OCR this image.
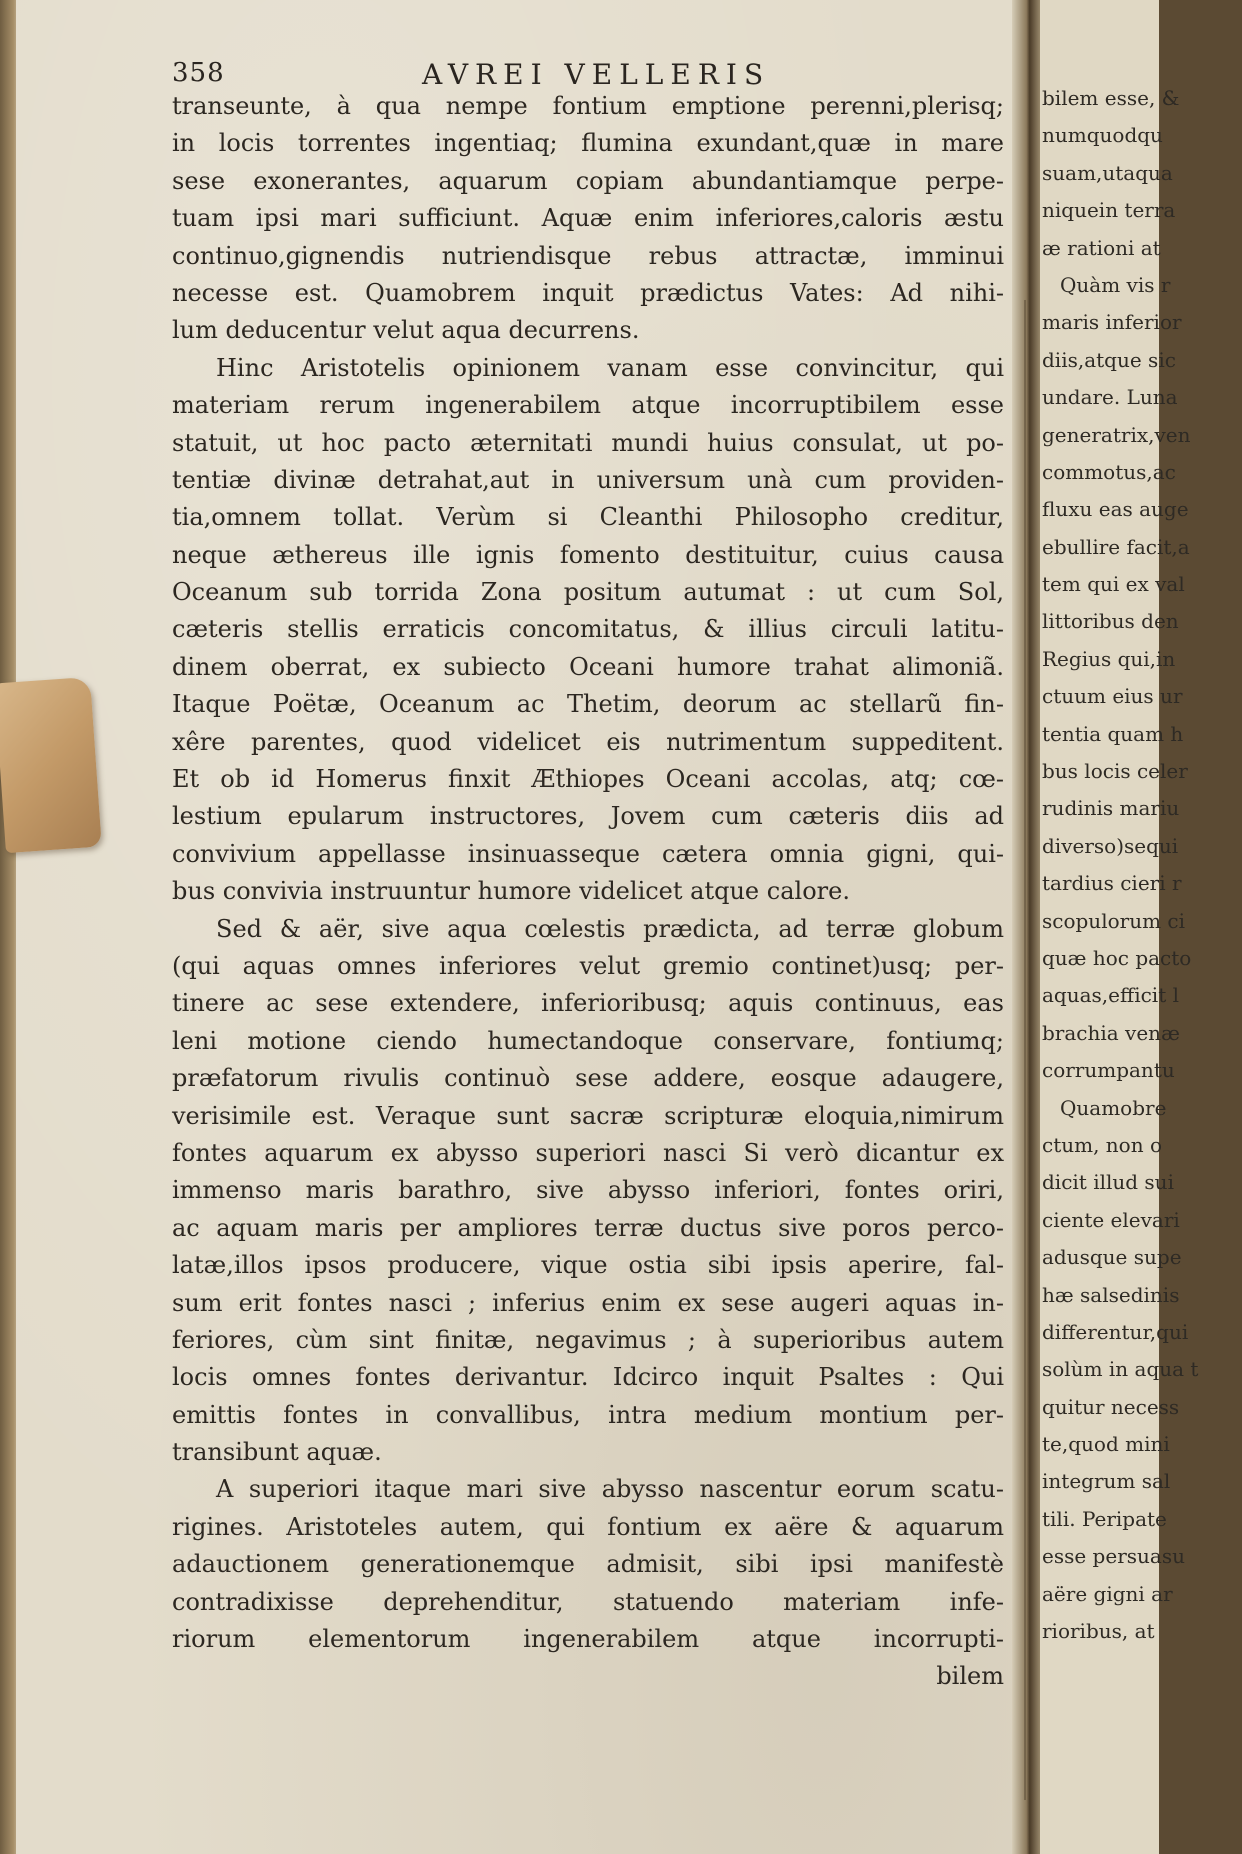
bilem esse, &
numquodqu
suam,utaqua
niquein terra
æ rationi at
Quàm vis r
maris inferior
diis,atque sic
undare. Luna
generatrix,ven
commotus,ac
fluxu eas auge
ebullire facit,a
tem qui ex val
littoribus den
Regius qui,in
ctuum eius ur
tentia quam h
bus locis celer
rudinis mariu
diverso)sequi
tardius cieri r
scopulorum ci
quæ hoc pacto
aquas,efficit l
brachia venæ
corrumpantu
Quamobre
ctum, non o
dicit illud sui
ciente elevari
adusque supe
hæ salsedinis
differentur,qui
solùm in aqua t
quitur necess
te,quod mini
integrum sal
tili. Peripate
esse persuasu
aëre gigni ar
rioribus, at
358	AVREI VELLERIS
transeunte, à qua nempe fontium emptione perenni,plerisq;
in locis torrentes ingentiaq; flumina exundant,quæ in mare
sese exonerantes, aquarum copiam abundantiamque perpe-
tuam ipsi mari sufficiunt. Aquæ enim inferiores,caloris æstu
continuo,gignendis nutriendisque rebus attractæ, imminui
necesse est. Quamobrem inquit prædictus Vates: Ad nihi-
lum deducentur velut aqua decurrens.
Hinc Aristotelis opinionem vanam esse convincitur, qui
materiam rerum ingenerabilem atque incorruptibilem esse
statuit, ut hoc pacto æternitati mundi huius consulat, ut po-
tentiæ divinæ detrahat,aut in universum unà cum providen-
tia,omnem tollat. Verùm si Cleanthi Philosopho creditur,
neque æthereus ille ignis fomento destituitur, cuius causa
Oceanum sub torrida Zona positum autumat : ut cum Sol,
cæteris stellis erraticis concomitatus, & illius circuli latitu-
dinem oberrat, ex subiecto Oceani humore trahat alimoniã.
Itaque Poëtæ, Oceanum ac Thetim, deorum ac stellarũ fin-
xêre parentes, quod videlicet eis nutrimentum suppeditent.
Et ob id Homerus finxit Æthiopes Oceani accolas, atq; cœ-
lestium epularum instructores, Jovem cum cæteris diis ad
convivium appellasse insinuasseque cætera omnia gigni, qui-
bus convivia instruuntur humore videlicet atque calore.
Sed & aër, sive aqua cœlestis prædicta, ad terræ globum
(qui aquas omnes inferiores velut gremio continet)usq; per-
tinere ac sese extendere, inferioribusq; aquis continuus, eas
leni motione ciendo humectandoque conservare, fontiumq;
præfatorum rivulis continuò sese addere, eosque adaugere,
verisimile est. Veraque sunt sacræ scripturæ eloquia,nimirum
fontes aquarum ex abysso superiori nasci Si verò dicantur ex
immenso maris barathro, sive abysso inferiori, fontes oriri,
ac aquam maris per ampliores terræ ductus sive poros perco-
latæ,illos ipsos producere, vique ostia sibi ipsis aperire, fal-
sum erit fontes nasci ; inferius enim ex sese augeri aquas in-
feriores, cùm sint finitæ, negavimus ; à superioribus autem
locis omnes fontes derivantur. Idcirco inquit Psaltes : Qui
emittis fontes in convallibus, intra medium montium per-
transibunt aquæ.
A superiori itaque mari sive abysso nascentur eorum scatu-
rigines. Aristoteles autem, qui fontium ex aëre & aquarum
adauctionem generationemque admisit, sibi ipsi manifestè
contradixisse deprehenditur, statuendo materiam infe-
riorum elementorum ingenerabilem atque incorrupti-
bilem
